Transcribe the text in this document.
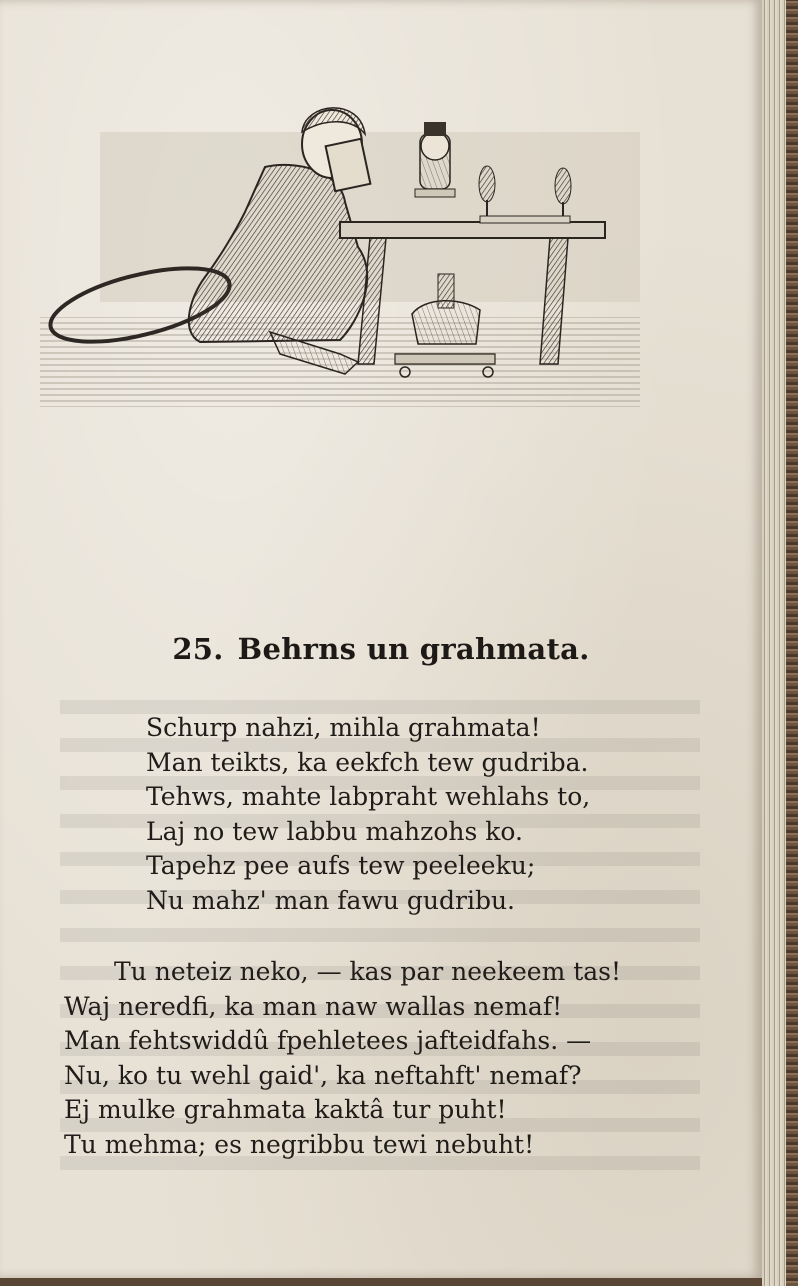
25. Behrns un grahmata.
Schurp nahzi, mihla grahmata!
Man teikts, ka eekfch tew gudriba.
Tehws, mahte labpraht wehlahs to,
Laj no tew labbu mahzohs ko.
Tapehz pee aufs tew peeleeku;
Nu mahz' man fawu gudribu.
Tu neteiz neko, — kas par neekeem tas!
Waj neredfi, ka man naw wallas nemaf!
Man fehtswiddû fpehletees jafteidfahs. —
Nu, ko tu wehl gaid', ka neftahft' nemaf?
Ej mulke grahmata kaktâ tur puht!
Tu mehma; es negribbu tewi nebuht!
